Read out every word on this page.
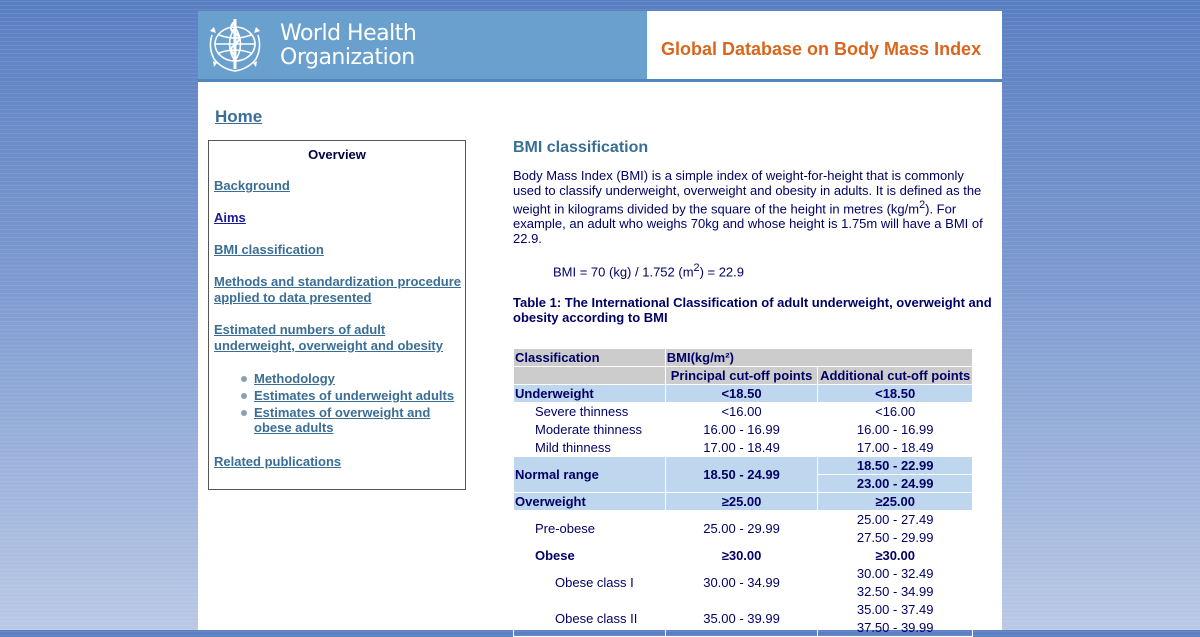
World Health
Organization	Global Database on Body Mass Index
Home
Overview
Background
Aims
BMI classification
Methods and standardization procedure
applied to data presented
Estimated numbers of adult
underweight, overweight and obesity
Methodology
Estimates of underweight adults
Estimates of overweight and obese adults
Related publications
BMI classification
Body Mass Index (BMI) is a simple index of weight-for-height that is commonly used to classify underweight, overweight and obesity in adults. It is defined as the weight in kilograms divided by the square of the height in metres $(kg/m^2)$. For example, an adult who weighs 70kg and whose height is 1.75m will have a BMI of 22.9.
BMI = 70 (kg) / 1.752 $(m^2) = 22.9$
Table 1: The International Classification of adult underweight, overweight and obesity according to BMI
Classification	BMI(kg/m²)	
	Principal cut-off points	Additional cut-off points
Underweight	<18.50	<18.50
Severe thinness	<16.00	<16.00
Moderate thinness	16.00 - 16.99	16.00 - 16.99
Mild thinness	17.00 - 18.49	17.00 - 18.49
Normal range	18.50 - 24.99	18.50 - 22.99
		23.00 - 24.99
Overweight	≥25.00	≥25.00
Pre-obese	25.00 - 29.99	25.00 - 27.49
		27.50 - 29.99
Obese	≥30.00	≥30.00
Obese class I	30.00 - 34.99	30.00 - 32.49
		32.50 - 34.99
Obese class II	35.00 - 39.99	35.00 - 37.49
		37.50 - 39.99
